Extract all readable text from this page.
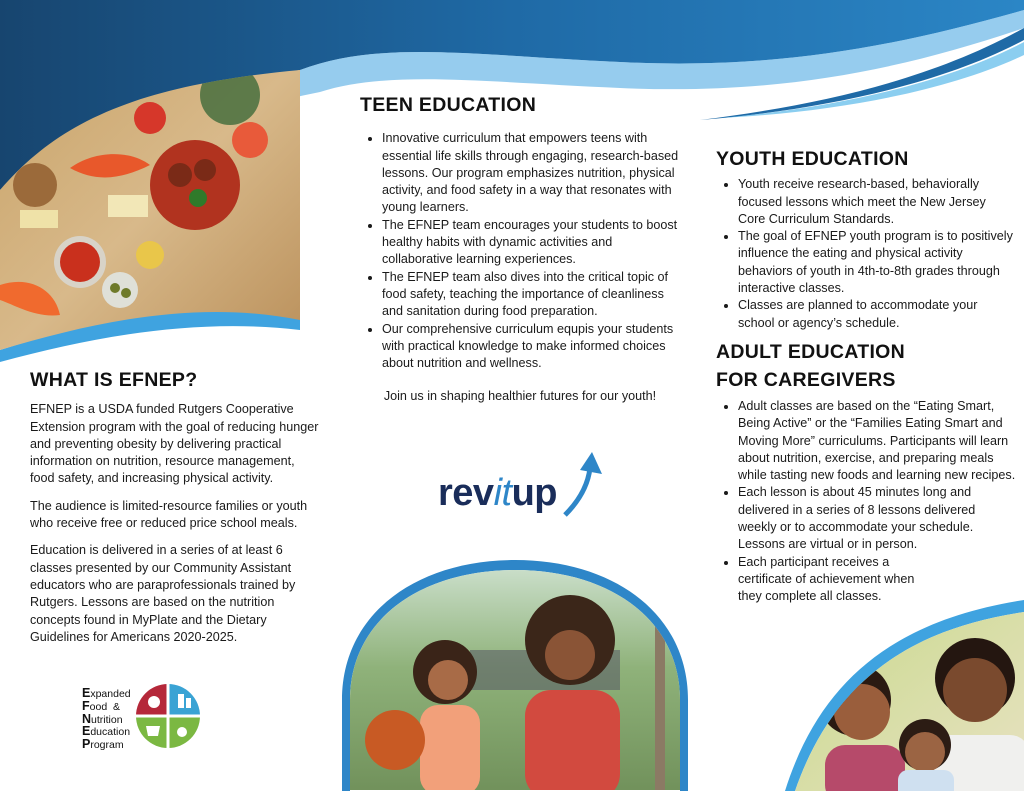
WHAT IS EFNEP?

EFNEP is a USDA funded Rutgers Cooperative Extension program with the goal of reducing hunger and preventing obesity by delivering practical information on nutrition, resource management, food safety, and increasing physical activity.

The audience is limited-resource families or youth who receive free or reduced price school meals.

Education is delivered in a series of at least 6 classes presented by our Community Assistant educators who are paraprofessionals trained by Rutgers. Lessons are based on the nutrition concepts found in MyPlate and the Dietary Guidelines for Americans 2020-2025.

Expanded
Food  &
Nutrition
Education
Program
TEEN EDUCATION
• Innovative curriculum that empowers teens with essential life skills through engaging, research-based lessons. Our program emphasizes nutrition, physical activity, and food safety in a way that resonates with young learners.
• The EFNEP team encourages your students to boost healthy habits with dynamic activities and collaborative learning experiences.
• The EFNEP team also dives into the critical topic of food safety, teaching the importance of cleanliness and sanitation during food preparation.
• Our comprehensive curriculum equpis your students with practical knowledge to make informed choices about nutrition and wellness.

Join us in shaping healthier futures for our youth!

revitup
YOUTH EDUCATION
• Youth receive research-based, behaviorally focused lessons which meet the New Jersey Core Curriculum Standards.
• The goal of EFNEP youth program is to positively influence the eating and physical activity behaviors of youth in 4th-to-8th grades through interactive classes.
• Classes are planned to accommodate your school or agency’s schedule.
ADULT EDUCATION
FOR CAREGIVERS
• Adult classes are based on the “Eating Smart, Being Active” or the “Families Eating Smart and Moving More” curriculums. Participants will learn about nutrition, exercise, and preparing meals while tasting new foods and learning new recipes.
• Each lesson is about 45 minutes long and delivered in a series of 8 lessons delivered weekly or to accommodate your schedule. Lessons are virtual or in person.
• Each participant receives a
certificate of achievement when
they complete all classes.
